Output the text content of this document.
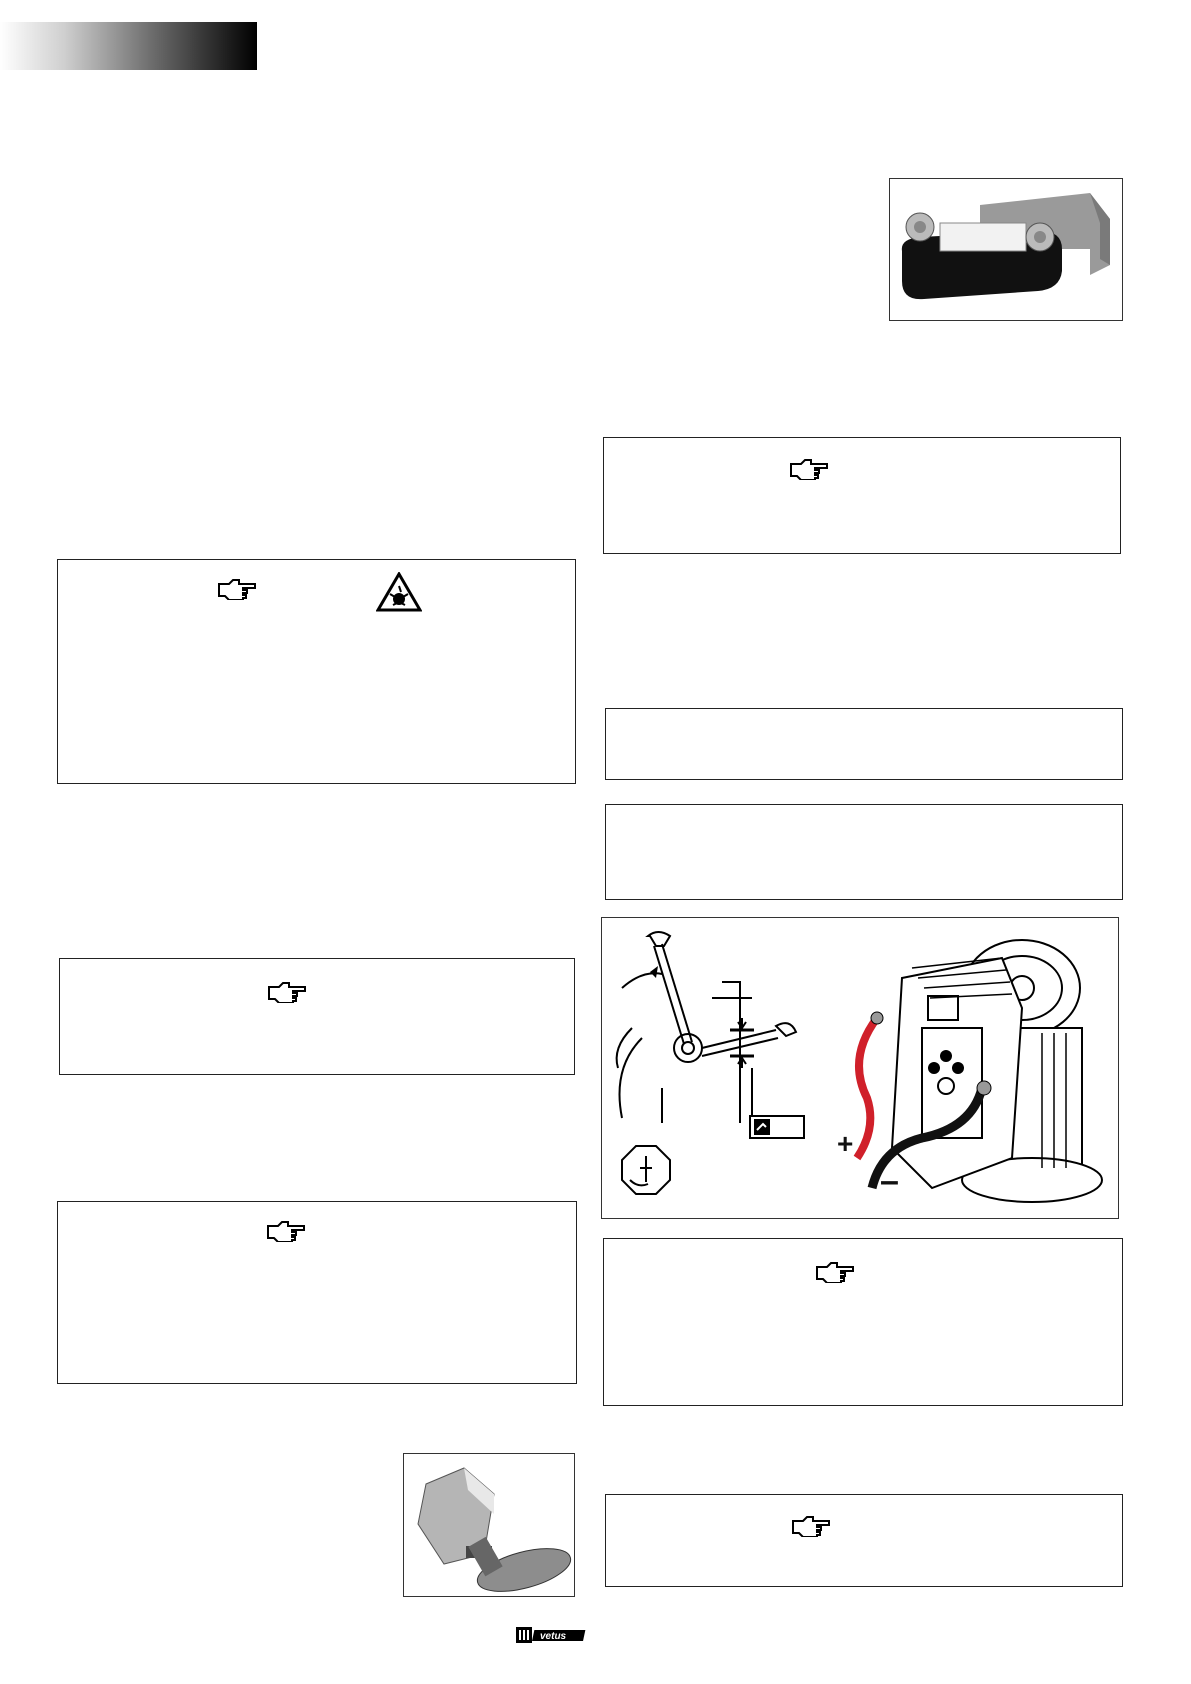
+
–
vetus
